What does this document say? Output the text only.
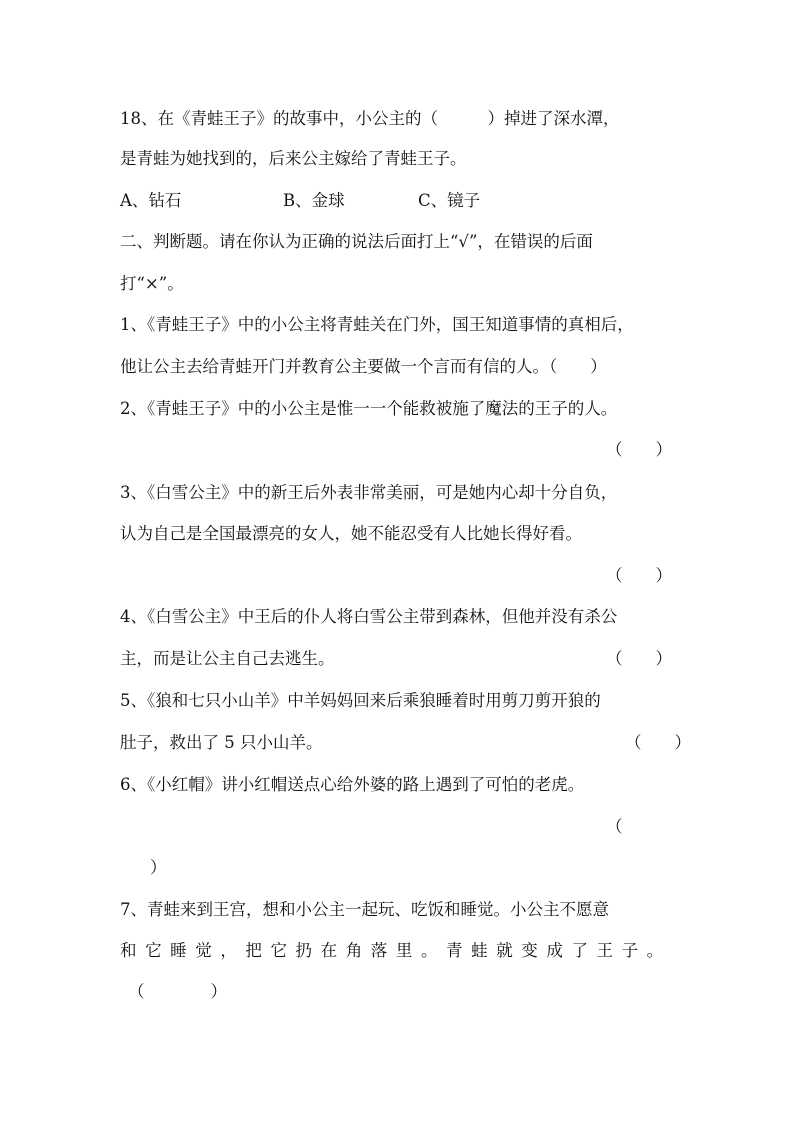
18、在《青蛙王子》的故事中，小公主的（　　　）掉进了深水潭，
是青蛙为她找到的，后来公主嫁给了青蛙王子。
A、钻石	B、金球	C、镜子
二、判断题。请在你认为正确的说法后面打上“√”，在错误的后面
打“×”。
1、《青蛙王子》中的小公主将青蛙关在门外，国王知道事情的真相后，
他让公主去给青蛙开门并教育公主要做一个言而有信的人。（　　）
2、《青蛙王子》中的小公主是惟一一个能救被施了魔法的王子的人。
（　　）
3、《白雪公主》中的新王后外表非常美丽，可是她内心却十分自负，
认为自己是全国最漂亮的女人，她不能忍受有人比她长得好看。
（　　）
4、《白雪公主》中王后的仆人将白雪公主带到森林，但他并没有杀公
主，而是让公主自己去逃生。	（　　）
5、《狼和七只小山羊》中羊妈妈回来后乘狼睡着时用剪刀剪开狼的
肚子，救出了 5 只小山羊。	（　　）
6、《小红帽》讲小红帽送点心给外婆的路上遇到了可怕的老虎。
（
）
7、青蛙来到王宫，想和小公主一起玩、吃饭和睡觉。小公主不愿意
和它睡觉，把它扔在角落里。青蛙就变成了王子。
（　　　　）
